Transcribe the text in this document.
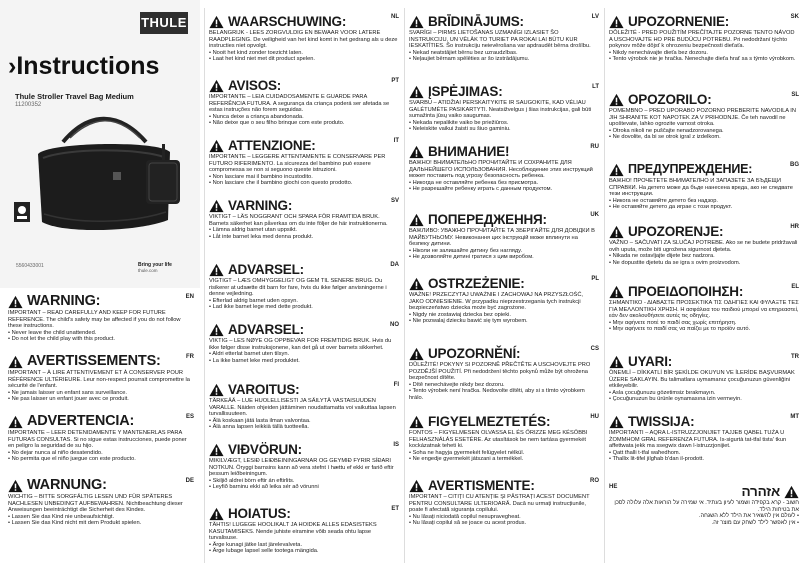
THULE
›Instructions
Thule Stroller Travel Bag Medium
11200352
5560433001	Bring your life
thule.com
EN
WARNING:
IMPORTANT – READ CAREFULLY AND KEEP FOR FUTURE REFERENCE. The child's safety may be affected if you do not follow these instructions.
• Never leave the child unattended.
• Do not let the child play with this product.
FR
AVERTISSEMENTS:
IMPORTANT – À LIRE ATTENTIVEMENT ET À CONSERVER POUR RÉFÉRENCE ULTÉRIEURE. Leur non-respect pourrait compromettre la sécurité de l'enfant.
• Ne jamais laisser un enfant sans surveillance.
• Ne pas laisser un enfant jouer avec ce produit.
ES
ADVERTENCIA:
IMPORTANTE – LEER DETENIDAMENTE Y MANTENERLAS PARA FUTURAS CONSULTAS. Si no sigue estas instrucciones, puede poner en peligro la seguridad de su hijo.
• No dejar nunca al niño desatendido.
• No permita que el niño juegue con este producto.
DE
WARNUNG:
WICHTIG – BITTE SORGFÄLTIG LESEN UND FÜR SPÄTERES NACHLESEN UNBEDINGT AUFBEWAHREN. Nichtbeachtung dieser Anweisungen beeinträchtigt die Sicherheit des Kindes.
• Lassen Sie das Kind nie unbeaufsichtigt.
• Lassen Sie das Kind nicht mit dem Produkt spielen.
NL
WAARSCHUWING:
BELANGRIJK - LEES ZORGVULDIG EN BEWAAR VOOR LATERE RAADPLEGING. De veiligheid van het kind komt in het gedrang als u deze instructies niet opvolgt.
• Nooit het kind zonder toezicht laten.
• Laat het kind niet met dit product spelen.
PT
AVISOS:
IMPORTANTE – LEIA CUIDADOSAMENTE E GUARDE PARA REFERÊNCIA FUTURA. A segurança da criança poderá ser afetada se estas instruções não forem seguidas.
• Nunca deixe a criança abandonada.
• Não deixe que o seu filho brinque com este produto.
IT
ATTENZIONE:
IMPORTANTE – LEGGERE ATTENTAMENTE E CONSERVARE PER FUTURO RIFERIMENTO. La sicurezza del bambino può essere compromessa se non si seguono queste istruzioni.
• Non lasciare mai il bambino incustodito.
• Non lasciare che il bambino giochi con questo prodotto.
SV
VARNING:
VIKTIGT – LÄS NOGGRANT OCH SPARA FÖR FRAMTIDA BRUK. Barnets säkerhet kan påverkas om du inte följer de här instruktionerna.
• Lämna aldrig barnet utan uppsikt.
• Låt inte barnet leka med denna produkt.
DA
ADVARSEL:
VIGTIGT – LÆS OMHYGGELIGT OG GEM TIL SENERE BRUG. Du risikerer at udsætte dit barn for fare, hvis du ikke følger anvisningerne i denne vejledning.
• Efterlad aldrig barnet uden opsyn.
• Lad ikke barnet lege med dette produkt.
NO
ADVARSEL:
VIKTIG – LES NØYE OG OPPBEVAR FOR FREMTIDIG BRUK. Hvis du ikke følger disse instruksjonene, kan det gå ut over barnets sikkerhet.
• Aldri etterlat barnet uten tilsyn.
• La ikke barnet leke med produktet.
FI
VAROITUS:
TÄRKEÄÄ – LUE HUOLELLISESTI JA SÄILYTÄ VASTAISUUDEN VARALLE. Näiden ohjeiden jättäminen noudattamatta voi vaikuttaa lapsen turvallisuuteen.
• Älä koskaan jätä lasta ilman valvontaa.
• Älä anna lapsen leikkiä tällä tuotteella.
IS
VIÐVÖRUN:
MIKILVÆGT, LESIÐ LEIÐBEININGARNAR OG GEYMIÐ FYRIR SÍÐARI NOTKUN. Öryggi barnsins kann að vera stefnt í hættu ef ekki er farið eftir þessum leiðbeiningum.
• Skiljið aldrei börn eftir án eftirlits.
• Leyfið barninu ekki að leika sér að vörunni
ET
HOIATUS:
TÄHTIS! LUGEGE HOOLIKALT JA HOIDKE ALLES EDASISTEKS KASUTAMISEKS. Nende juhiste eiramine võib seada ohtu lapse turvalisuse.
• Ärge kunagi jätke last järelevalveta.
• Ärge lubage lapsel selle tootega mängida.
LV
BRĪDINĀJUMS:
SVARĪGI – PIRMS LIETOŠANAS UZMANĪGI IZLASIET ŠO INSTRUKCIJU, UN VĒLĀK TO TURIET PA ROKAI LAI BŪTU KUR IESKATĪTIES. Šo instrukciju neievērošana var apdraudēt bērna drošību.
• Nekad neatstājiet bērnu bez uzraudzības.
• Neļaujiet bērnam spēlēties ar šo izstrādājumu.
LT
ĮSPĖJIMAS:
SVARBU – ATIDŽIAI PERSKAITYKITE IR SAUGOKITE, KAD VĖLIAU GALĖTUMĖTE PASIKARTYTI. Neatsižvelgus į šias instrukcijas, gali būti sumažinta jūsų vaiko saugumas.
• Nekada nepalikite vaiko be priežiūros.
• Neleiskite vaikui žaisti su šiuo gaminiu.
RU
ВНИМАНИЕ!
ВАЖНО! ВНИМАТЕЛЬНО ПРОЧИТАЙТЕ И СОХРАНИТЕ ДЛЯ ДАЛЬНЕЙШЕГО ИСПОЛЬЗОВАНИЯ. Несоблюдение этих инструкций может поставить под угрозу безопасность ребенка.
• Никогда не оставляйте ребенка без присмотра.
• Не разрешайте ребенку играть с данным продуктом.
UK
ПОПЕРЕДЖЕННЯ:
ВАЖЛИВО: УВАЖНО ПРОЧИТАЙТЕ ТА ЗБЕРІГАЙТЕ ДЛЯ ДОВІДКИ В МАЙБУТНЬОМУ. Невиконання цих інструкцій може вплинути на безпеку дитини.
• Ніколи не залишайте дитину без нагляду.
• Не дозволяйте дитині гратися з цим виробом.
PL
OSTRZEŻENIE:
WAŻNE! PRZECZYTAJ UWAŻNIE I ZACHOWAJ NA PRZYSZŁOŚĆ, JAKO ODNIESIENIE. W przypadku nieprzestrzegania tych instrukcji bezpieczeństwo dziecka może być zagrożone.
• Nigdy nie zostawiaj dziecka bez opieki.
• Nie pozwalaj dziecku bawić się tym wyrobem.
CS
UPOZORNĚNÍ:
DŮLEŽITÉ! POKYNY SI POZORNĚ PŘEČTĚTE A USCHOVEJTE PRO POZDĚJŠÍ POUŽITÍ. Při nedodržení těchto pokynů může být ohrožena bezpečnost dítěte.
• Dítě nenechávejte nikdy bez dozoru.
• Tento výrobek není hračka. Nedovolte dítěti, aby si s tímto výrobkem hrálo.
HU
FIGYELMEZTETÉS:
FONTOS – FIGYELMESEN OLVASSA EL ÉS ŐRIZZE MEG KÉSŐBBI FELHASZNÁLÁS ESETÉRE. Az utasítások be nem tartása gyermekét kockázatnak teheti ki.
• Soha ne hagyja gyermekét felügyelet nélkül.
• Ne engedje gyermekét játszani a termékkel.
RO
AVERTISMENTE:
IMPORTANT – CITIȚI CU ATENȚIE ȘI PĂSTRAȚI ACEST DOCUMENT PENTRU CONSULTARE ULTERIOARĂ. Dacă nu urmați instrucțiunile, poate fi afectată siguranța copilului.
• Nu lăsați niciodată copilul nesupravegheat.
• Nu lăsați copilul să se joace cu acest produs.
SK
UPOZORNENIE:
DÔLEŽITÉ - PRED POUŽITÍM PREČÍTAJTE POZORNE TENTO NÁVOD A USCHOVAJTE HO PRE BUDÚCU POTREBU. Pri nedodržaní týchto pokynov môže dôjsť k ohrozeniu bezpečnosti dieťaťa.
• Nikdy nenechávajte dieťa bez dozoru.
• Tento výrobok nie je hračka. Nenechajte dieťa hrať sa s týmto výrobkom.
SL
OPOZORILO:
POMEMBNO – PRED UPORABO POZORNO PREBERITE NAVODILA IN JIH SHRANITE KOT NAPOTEK ZA V PRIHODNJE. Če teh navodil ne upoštevate, lahko ogrozite varnost otroka.
• Otroka nikoli ne puščajte nenadzorovanega.
• Ne dovolite, da bi se otrok igral z izdelkom.
BG
ПРЕДУПРЕЖДЕНИЕ:
ВАЖНО! ПРОЧЕТЕТЕ ВНИМАТЕЛНО И ЗАПАЗЕТЕ ЗА БЪДЕЩИ СПРАВКИ. На детето може да бъде нанесена вреда, ако не следвате тези инструкции.
• Никога не оставяйте детето без надзор.
• Не оставяйте детето да играе с този продукт.
HR
UPOZORENJE:
VAŽNO – SAČUVATI ZA SLUČAJ POTREBE. Ako se ne budete pridržavali ovih uputa, može biti ugrožena sigurnost djeteta.
• Nikada ne ostavljajte dijete bez nadzora.
• Ne dopustite djetetu da se igra s ovim proizvodom.
EL
ΠΡΟΕΙΔΟΠΟΙΗΣΗ:
ΣΗΜΑΝΤΙΚΟ - ΔΙΑΒΑΣΤΕ ΠΡΟΣΕΚΤΙΚΑ ΤΙΣ ΟΔΗΓΙΕΣ ΚΑΙ ΦΥΛΑΞΤΕ ΤΕΣ ΓΙΑ ΜΕΛΛΟΝΤΙΚΗ ΧΡΗΣΗ. Η ασφάλεια του παιδιού μπορεί να επηρεαστεί, εάν δεν ακολουθήσετε αυτές τις οδηγίες.
• Μην αφήνετε ποτέ το παιδί σας χωρίς επιτήρηση.
• Μην αφήνετε το παιδί σας να παίζει με το προϊόν αυτό.
TR
UYARI:
ÖNEMLİ – DİKKATLİ BİR ŞEKİLDE OKUYUN VE İLERİDE BAŞVURMAK ÜZERE SAKLAYIN. Bu talimatlara uymamanız çocuğunuzun güvenliğini etkileyebilir.
• Asla çocuğunuzu gözetimsiz bırakmayın.
• Çocuğunuzun bu ürünle oynamasına izin vermeyin.
MT
TWISSIJA:
IMPORTANTI – AQRA L-ISTRUZZJONIJIET TAJJEB QABEL TUŻA U ŻOMMHOM GĦAL REFERENZA FUTURA. Is-sigurtà tat-tfal tista' tkun affettwata jekk ma ssegwix dawn l-istruzzjonijiet.
• Qatt tħalli t-tfal waħedhom.
• Tħallix lit-tifel jilgħab b'dan il-prodott.
HE	אזהרה
חשוב - קרא בקפידה ושמור לעיון בעתיד. אי שמירה על הוראות אלה עלולה לסכן את בטיחות הילד.
• לעולם אין להשאיר את הילד ללא השגחה.
• אין לאפשר לילד לשחק עם מוצר זה.
